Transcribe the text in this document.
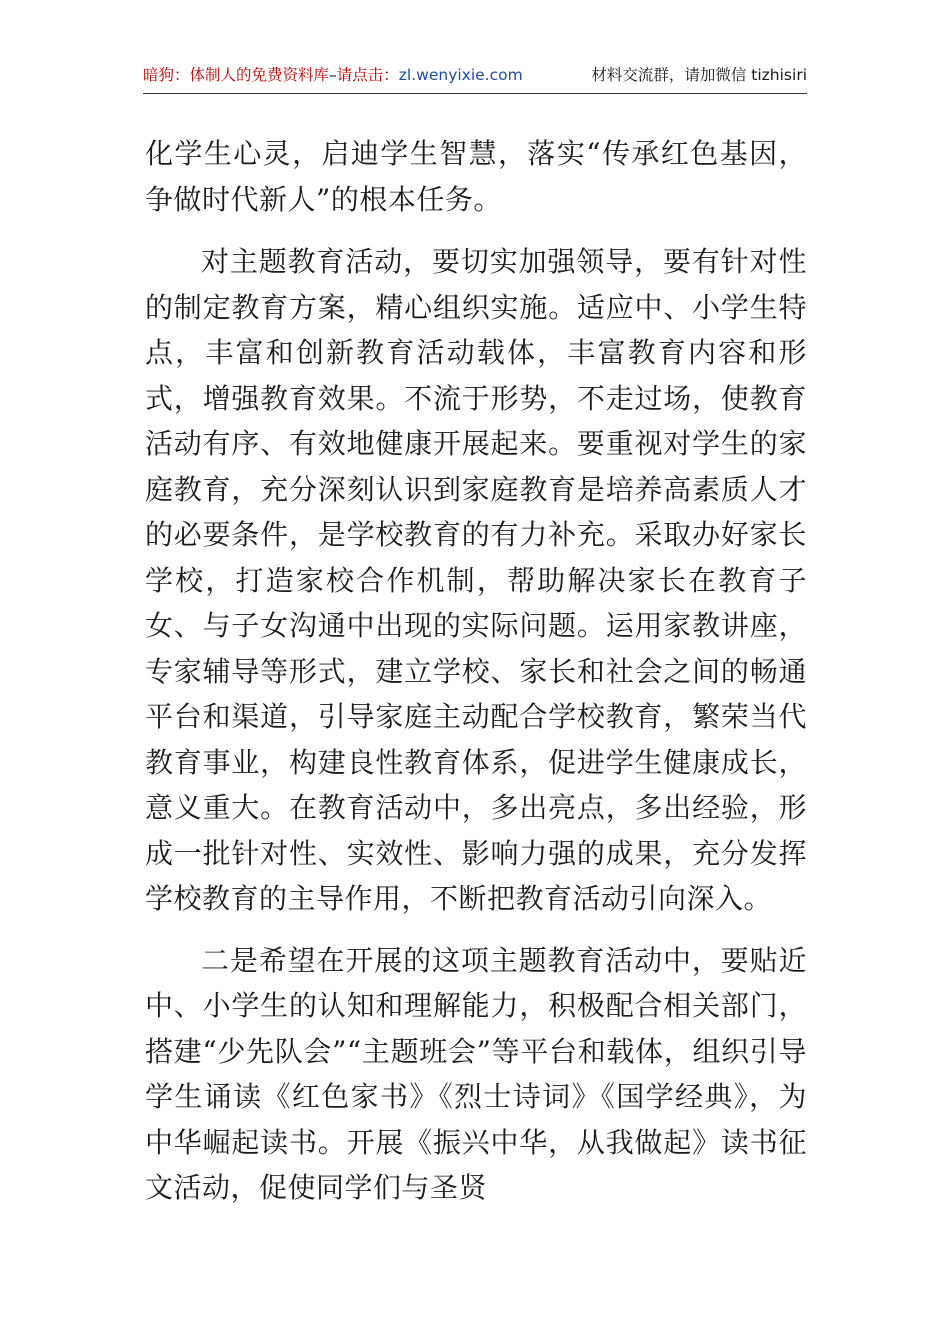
暗狗：体制人的免费资料库–请点击：zl.wenyixie.com	材料交流群，请加微信 tizhisiri

化学生心灵，启迪学生智慧，落实“传承红色基因，争做时代新人”的根本任务。

对主题教育活动，要切实加强领导，要有针对性的制定教育方案，精心组织实施。适应中、小学生特点，丰富和创新教育活动载体，丰富教育内容和形式，增强教育效果。不流于形势，不走过场，使教育活动有序、有效地健康开展起来。要重视对学生的家庭教育，充分深刻认识到家庭教育是培养高素质人才的必要条件，是学校教育的有力补充。采取办好家长学校，打造家校合作机制，帮助解决家长在教育子女、与子女沟通中出现的实际问题。运用家教讲座，专家辅导等形式，建立学校、家长和社会之间的畅通平台和渠道，引导家庭主动配合学校教育，繁荣当代教育事业，构建良性教育体系，促进学生健康成长，意义重大。在教育活动中，多出亮点，多出经验，形成一批针对性、实效性、影响力强的成果，充分发挥学校教育的主导作用，不断把教育活动引向深入。

二是希望在开展的这项主题教育活动中，要贴近中、小学生的认知和理解能力，积极配合相关部门，搭建“少先队会”“主题班会”等平台和载体，组织引导学生诵读《红色家书》《烈士诗词》《国学经典》，为中华崛起读书。开展《振兴中华，从我做起》读书征文活动，促使同学们与圣贤
